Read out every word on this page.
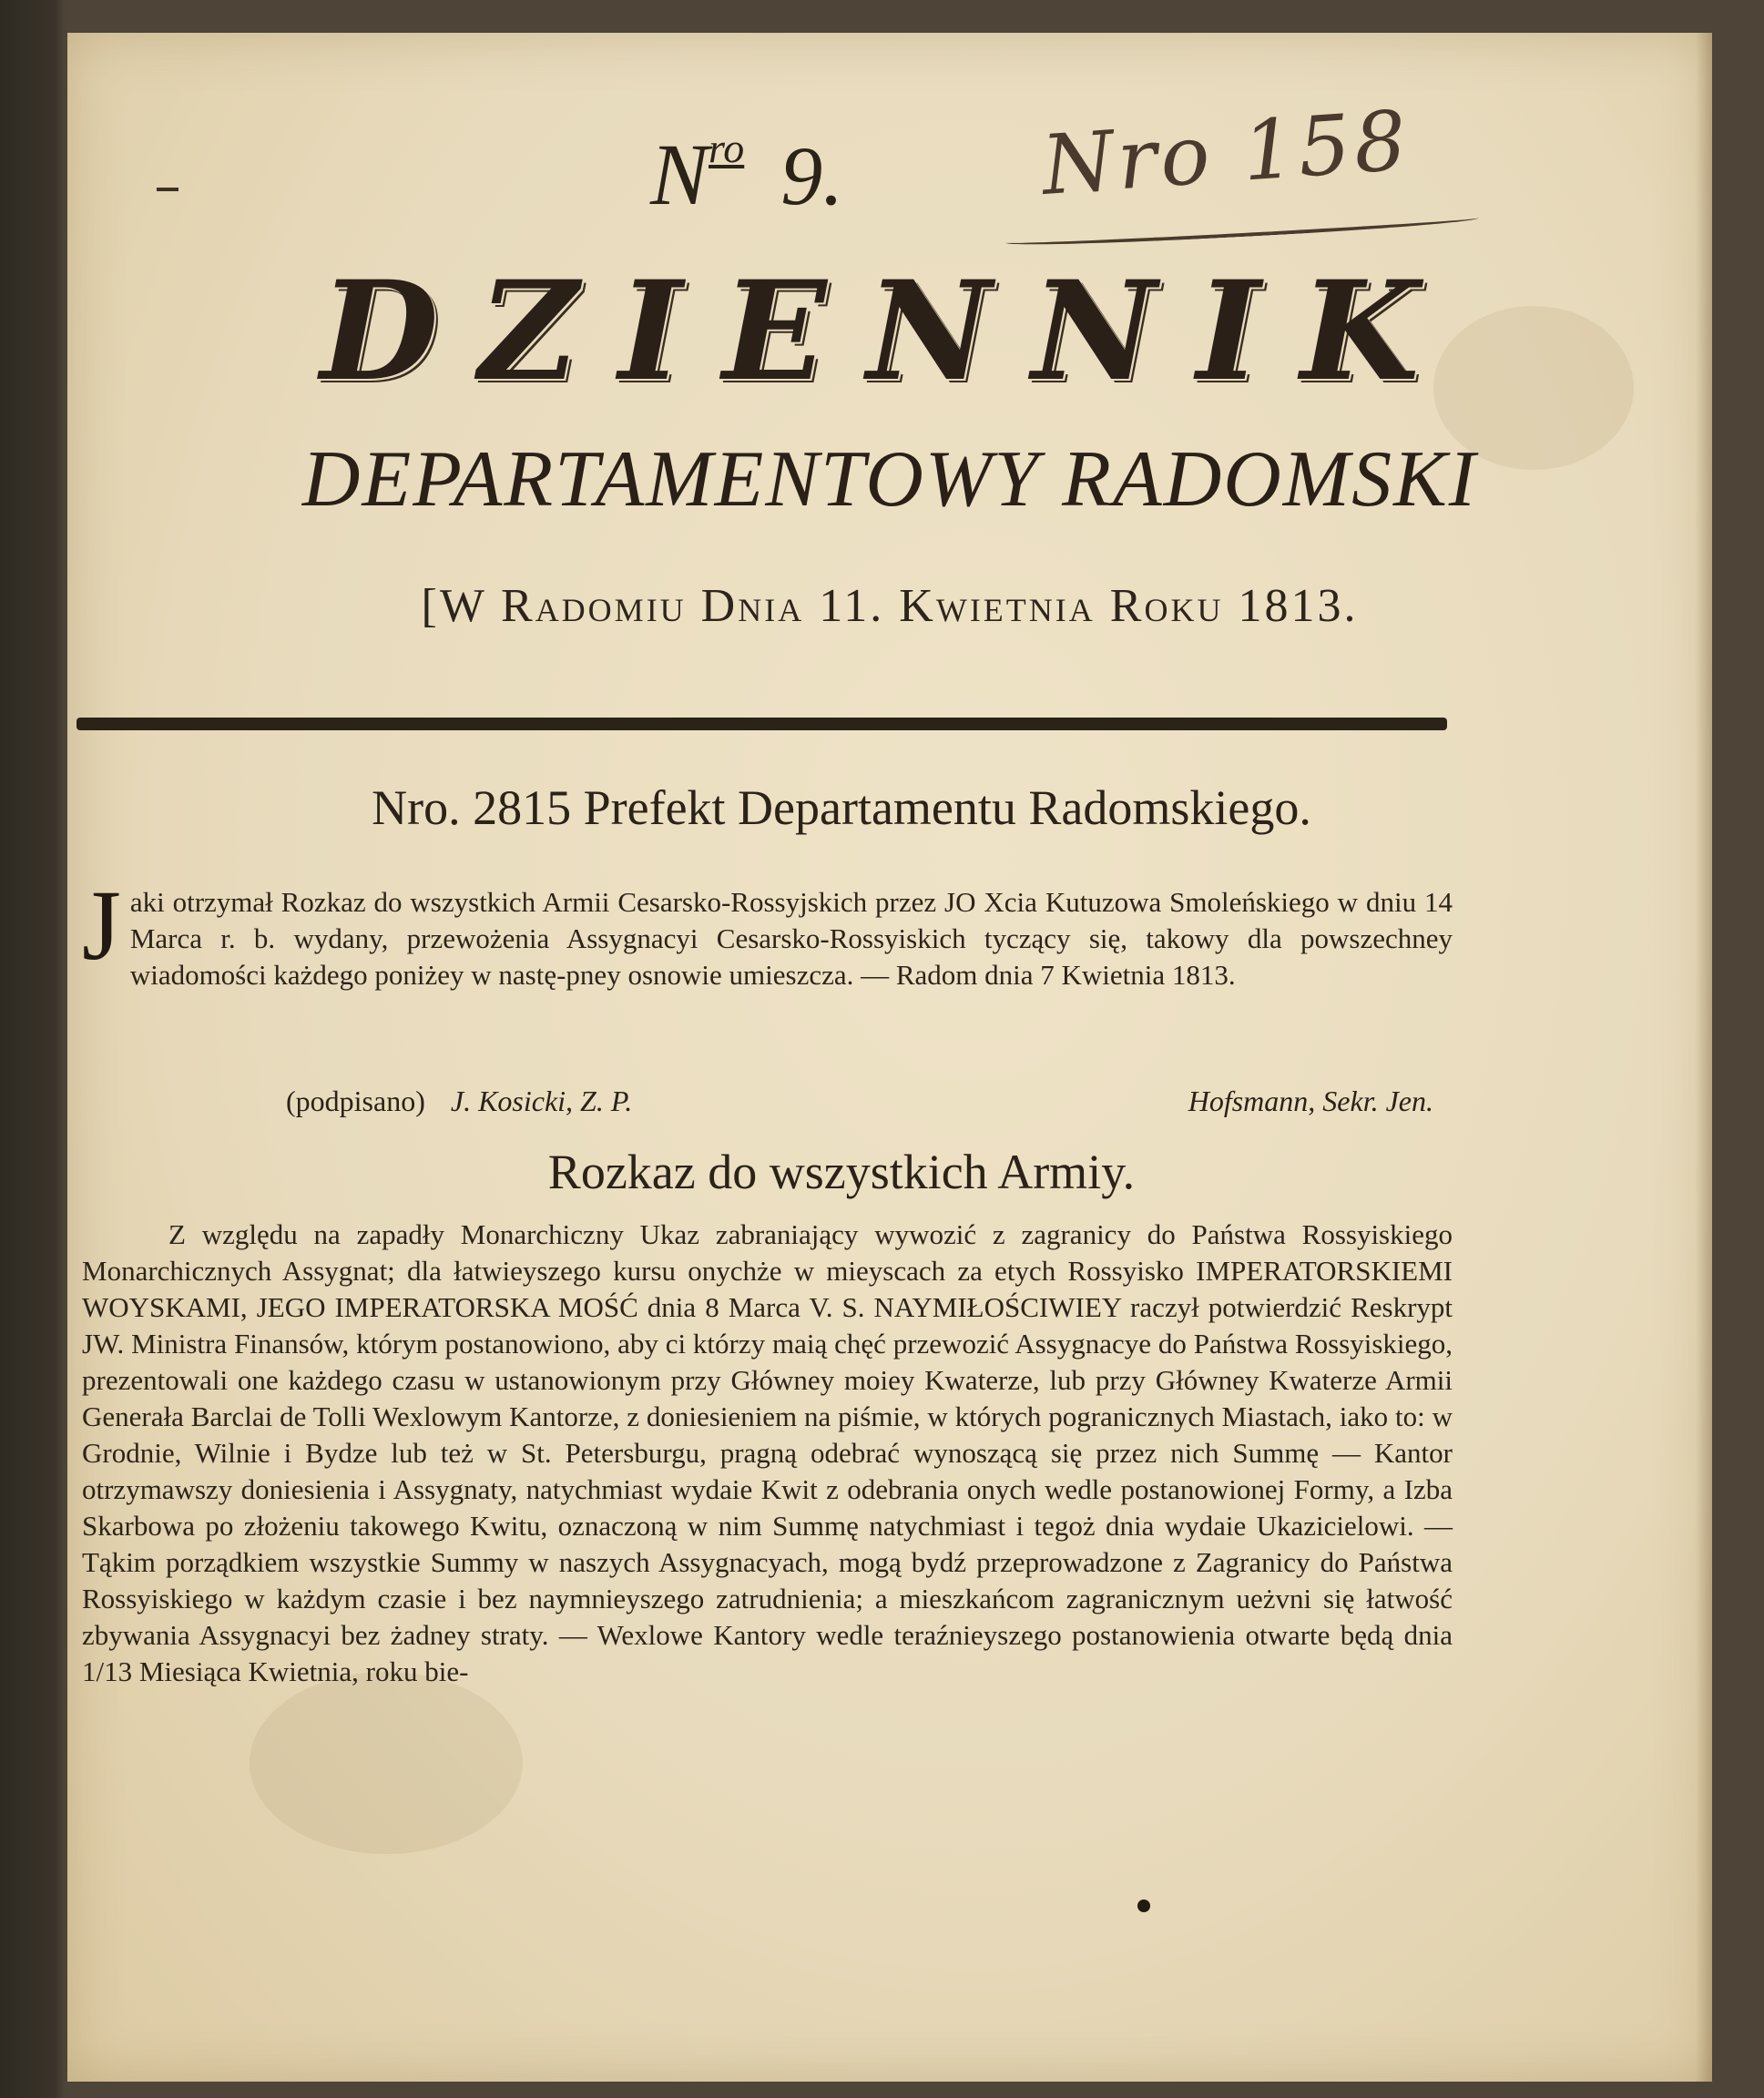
$N^{ro}$ 9. Nro 158
DZIENNIK
DEPARTAMENTOWY RADOMSKI
[W Radomiu Dnia 11. Kwietnia Roku 1813.
Nro. 2815 Prefekt Departamentu Radomskiego.
J aki otrzymał Rozkaz do wszystkich Armii Cesarsko-Rossyjskich przez JO Xcia Kutuzowa Smoleńskiego w dniu 14 Marca r. b. wydany, przewożenia Assygnacyi Cesarsko-Rossyiskich tyczący się, takowy dla powszechney wiadomości każdego poniżey w nastę-pney osnowie umieszcza. — Radom dnia 7 Kwietnia 1813.
(podpisano) J. Kosicki, Z. P.	Hofsmann, Sekr. Jen.
Rozkaz do wszystkich Armiy.
Z względu na zapadły Monarchiczny Ukaz zabraniający wywozić z zagranicy do Państwa Rossyiskiego Monarchicznych Assygnat; dla łatwieyszego kursu onychże w mieyscach za etych Rossyisko IMPERATORSKIEMI WOYSKAMI, JEGO IMPERATORSKA MOŚĆ dnia 8 Marca V. S. NAYMIŁOŚCIWIEY raczył potwierdzić Reskrypt JW. Ministra Finansów, którym postanowiono, aby ci którzy maią chęć przewozić Assygnacye do Państwa Rossyiskiego, prezentowali one każdego czasu w ustanowionym przy Główney moiey Kwaterze, lub przy Główney Kwaterze Armii Generała Barclai de Tolli Wexlowym Kantorze, z doniesieniem na piśmie, w których pogranicznych Miastach, iako to: w Grodnie, Wilnie i Bydze lub też w St. Petersburgu, pragną odebrać wynoszącą się przez nich Summę — Kantor otrzymawszy doniesienia i Assygnaty, natychmiast wydaie Kwit z odebrania onych wedle postanowionej Formy, a Izba Skarbowa po złożeniu takowego Kwitu, oznaczoną w nim Summę natychmiast i tegoż dnia wydaie Ukazicielowi. — Tąkim porządkiem wszystkie Summy w naszych Assygnacyach, mogą bydź przeprowadzone z Zagranicy do Państwa Rossyiskiego w każdym czasie i bez naymnieyszego zatrudnienia; a mieszkańcom zagranicznym ueżvni się łatwość zbywania Assygnacyi bez żadney straty. — Wexlowe Kantory wedle teraźnieyszego postanowienia otwarte będą dnia 1/13 Miesiąca Kwietnia, roku bie-
